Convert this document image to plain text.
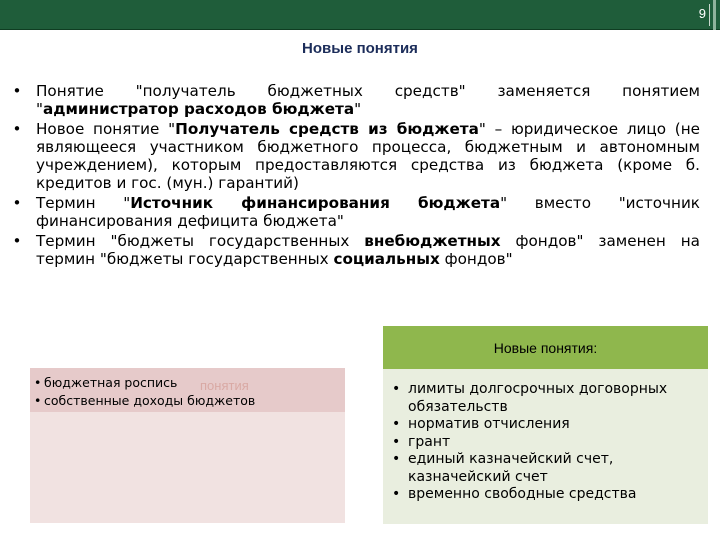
9
Новые понятия
• Понятие "получатель бюджетных средств" заменяется понятием "администратор расходов бюджета"
• Новое понятие "Получатель средств из бюджета" – юридическое лицо (не являющееся участником бюджетного процесса, бюджетным и автономным учреждением), которым предоставляются средства из бюджета (кроме б. кредитов и гос. (мун.) гарантий)
• Термин "Источник финансирования бюджета" вместо "источник финансирования дефицита бюджета"
• Термин "бюджеты государственных внебюджетных фондов" заменен на термин "бюджеты государственных социальных фондов"
понятия
• бюджетная роспись
• собственные доходы бюджетов
Новые понятия:
• лимиты долгосрочных договорных обязательств
• норматив отчисления
• грант
• единый казначейский счет, казначейский счет
• временно свободные средства
